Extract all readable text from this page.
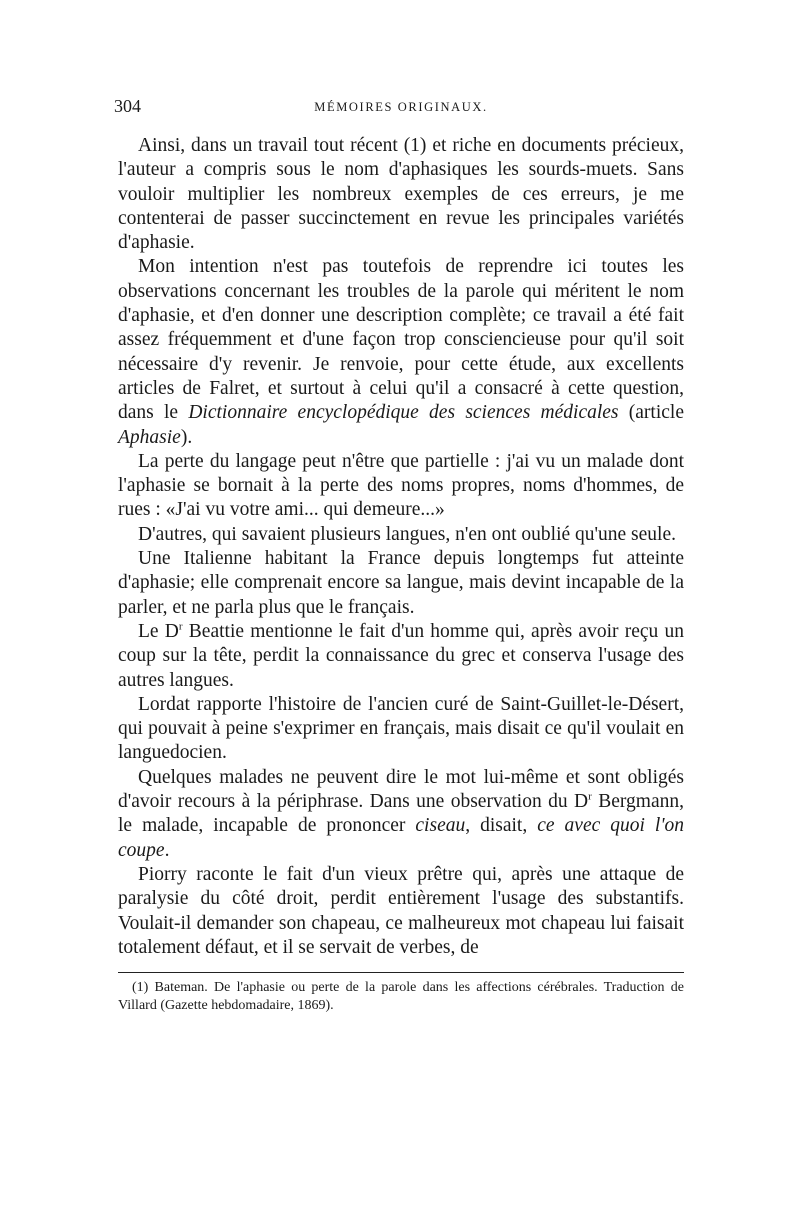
304	MÉMOIRES ORIGINAUX.

Ainsi, dans un travail tout récent (1) et riche en documents précieux, l'auteur a compris sous le nom d'aphasiques les sourds-muets. Sans vouloir multiplier les nombreux exemples de ces erreurs, je me contenterai de passer succinctement en revue les principales variétés d'aphasie.

Mon intention n'est pas toutefois de reprendre ici toutes les observations concernant les troubles de la parole qui méritent le nom d'aphasie, et d'en donner une description complète; ce travail a été fait assez fréquemment et d'une façon trop consciencieuse pour qu'il soit nécessaire d'y revenir. Je renvoie, pour cette étude, aux excellents articles de Falret, et surtout à celui qu'il a consacré à cette question, dans le Dictionnaire encyclopédique des sciences médicales (article Aphasie).

La perte du langage peut n'être que partielle : j'ai vu un malade dont l'aphasie se bornait à la perte des noms propres, noms d'hommes, de rues : «J'ai vu votre ami... qui demeure...»

D'autres, qui savaient plusieurs langues, n'en ont oublié qu'une seule.

Une Italienne habitant la France depuis longtemps fut atteinte d'aphasie; elle comprenait encore sa langue, mais devint incapable de la parler, et ne parla plus que le français.

Le $D^r$ Beattie mentionne le fait d'un homme qui, après avoir reçu un coup sur la tête, perdit la connaissance du grec et conserva l'usage des autres langues.

Lordat rapporte l'histoire de l'ancien curé de Saint-Guillet-le-Désert, qui pouvait à peine s'exprimer en français, mais disait ce qu'il voulait en languedocien.

Quelques malades ne peuvent dire le mot lui-même et sont obligés d'avoir recours à la périphrase. Dans une observation du $D^r$ Bergmann, le malade, incapable de prononcer ciseau, disait, ce avec quoi l'on coupe.

Piorry raconte le fait d'un vieux prêtre qui, après une attaque de paralysie du côté droit, perdit entièrement l'usage des substantifs. Voulait-il demander son chapeau, ce malheureux mot chapeau lui faisait totalement défaut, et il se servait de verbes, de

(1) Bateman. De l'aphasie ou perte de la parole dans les affections cérébrales. Traduction de Villard (Gazette hebdomadaire, 1869).
